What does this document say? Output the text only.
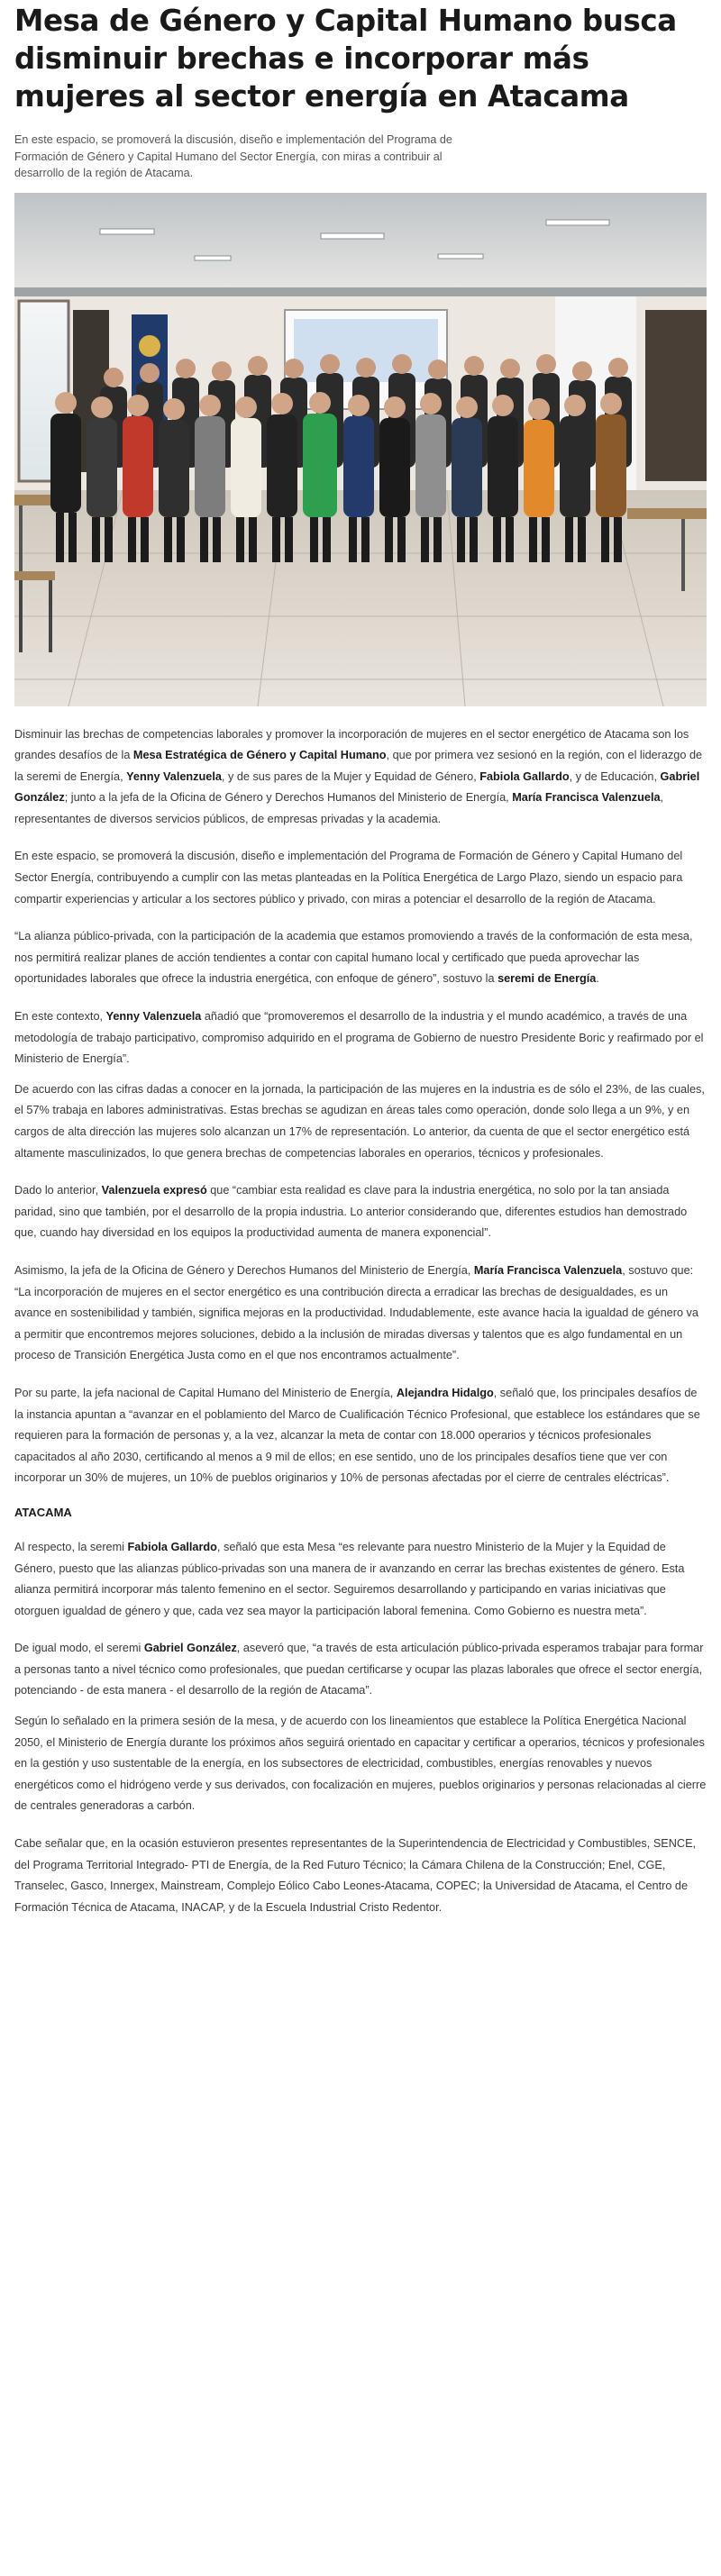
Mesa de Género y Capital Humano busca disminuir brechas e incorporar más mujeres al sector energía en Atacama

En este espacio, se promoverá la discusión, diseño e implementación del Programa de Formación de Género y Capital Humano del Sector Energía, con miras a contribuir al desarrollo de la región de Atacama.

Disminuir las brechas de competencias laborales y promover la incorporación de mujeres en el sector energético de Atacama son los grandes desafíos de la Mesa Estratégica de Género y Capital Humano, que por primera vez sesionó en la región, con el liderazgo de la seremi de Energía, Yenny Valenzuela, y de sus pares de la Mujer y Equidad de Género, Fabiola Gallardo, y de Educación, Gabriel González; junto a la jefa de la Oficina de Género y Derechos Humanos del Ministerio de Energía, María Francisca Valenzuela, representantes de diversos servicios públicos, de empresas privadas y la academia.

En este espacio, se promoverá la discusión, diseño e implementación del Programa de Formación de Género y Capital Humano del Sector Energía, contribuyendo a cumplir con las metas planteadas en la Política Energética de Largo Plazo, siendo un espacio para compartir experiencias y articular a los sectores público y privado, con miras a potenciar el desarrollo de la región de Atacama.

“La alianza público-privada, con la participación de la academia que estamos promoviendo a través de la conformación de esta mesa, nos permitirá realizar planes de acción tendientes a contar con capital humano local y certificado que pueda aprovechar las oportunidades laborales que ofrece la industria energética, con enfoque de género”, sostuvo la seremi de Energía.

En este contexto, Yenny Valenzuela añadió que “promoveremos el desarrollo de la industria y el mundo académico, a través de una metodología de trabajo participativo, compromiso adquirido en el programa de Gobierno de nuestro Presidente Boric y reafirmado por el Ministerio de Energía”.

De acuerdo con las cifras dadas a conocer en la jornada, la participación de las mujeres en la industria es de sólo el 23%, de las cuales, el 57% trabaja en labores administrativas. Estas brechas se agudizan en áreas tales como operación, donde solo llega a un 9%, y en cargos de alta dirección las mujeres solo alcanzan un 17% de representación. Lo anterior, da cuenta de que el sector energético está altamente masculinizados, lo que genera brechas de competencias laborales en operarios, técnicos y profesionales.

Dado lo anterior, Valenzuela expresó que “cambiar esta realidad es clave para la industria energética, no solo por la tan ansiada paridad, sino que también, por el desarrollo de la propia industria. Lo anterior considerando que, diferentes estudios han demostrado que, cuando hay diversidad en los equipos la productividad aumenta de manera exponencial”.

Asimismo, la jefa de la Oficina de Género y Derechos Humanos del Ministerio de Energía, María Francisca Valenzuela, sostuvo que: “La incorporación de mujeres en el sector energético es una contribución directa a erradicar las brechas de desigualdades, es un avance en sostenibilidad y también, significa mejoras en la productividad. Indudablemente, este avance hacia la igualdad de género va a permitir que encontremos mejores soluciones, debido a la inclusión de miradas diversas y talentos que es algo fundamental en un proceso de Transición Energética Justa como en el que nos encontramos actualmente”.

Por su parte, la jefa nacional de Capital Humano del Ministerio de Energía, Alejandra Hidalgo, señaló que, los principales desafíos de la instancia apuntan a “avanzar en el poblamiento del Marco de Cualificación Técnico Profesional, que establece los estándares que se requieren para la formación de personas y, a la vez, alcanzar la meta de contar con 18.000 operarios y técnicos profesionales capacitados al año 2030, certificando al menos a 9 mil de ellos; en ese sentido, uno de los principales desafíos tiene que ver con incorporar un 30% de mujeres, un 10% de pueblos originarios y 10% de personas afectadas por el cierre de centrales eléctricas”.

ATACAMA

Al respecto, la seremi Fabiola Gallardo, señaló que esta Mesa “es relevante para nuestro Ministerio de la Mujer y la Equidad de Género, puesto que las alianzas público-privadas son una manera de ir avanzando en cerrar las brechas existentes de género. Esta alianza permitirá incorporar más talento femenino en el sector. Seguiremos desarrollando y participando en varias iniciativas que otorguen igualdad de género y que, cada vez sea mayor la participación laboral femenina. Como Gobierno es nuestra meta”.

De igual modo, el seremi Gabriel González, aseveró que, “a través de esta articulación público-privada esperamos trabajar para formar a personas tanto a nivel técnico como profesionales, que puedan certificarse y ocupar las plazas laborales que ofrece el sector energía, potenciando - de esta manera - el desarrollo de la región de Atacama”.

Según lo señalado en la primera sesión de la mesa, y de acuerdo con los lineamientos que establece la Política Energética Nacional 2050, el Ministerio de Energía durante los próximos años seguirá orientado en capacitar y certificar a operarios, técnicos y profesionales en la gestión y uso sustentable de la energía, en los subsectores de electricidad, combustibles, energías renovables y nuevos energéticos como el hidrógeno verde y sus derivados, con focalización en mujeres, pueblos originarios y personas relacionadas al cierre de centrales generadoras a carbón.

Cabe señalar que, en la ocasión estuvieron presentes representantes de la Superintendencia de Electricidad y Combustibles, SENCE, del Programa Territorial Integrado- PTI de Energía, de la Red Futuro Técnico; la Cámara Chilena de la Construcción; Enel, CGE, Transelec, Gasco, Innergex, Mainstream, Complejo Eólico Cabo Leones-Atacama, COPEC; la Universidad de Atacama, el Centro de Formación Técnica de Atacama, INACAP, y de la Escuela Industrial Cristo Redentor.
